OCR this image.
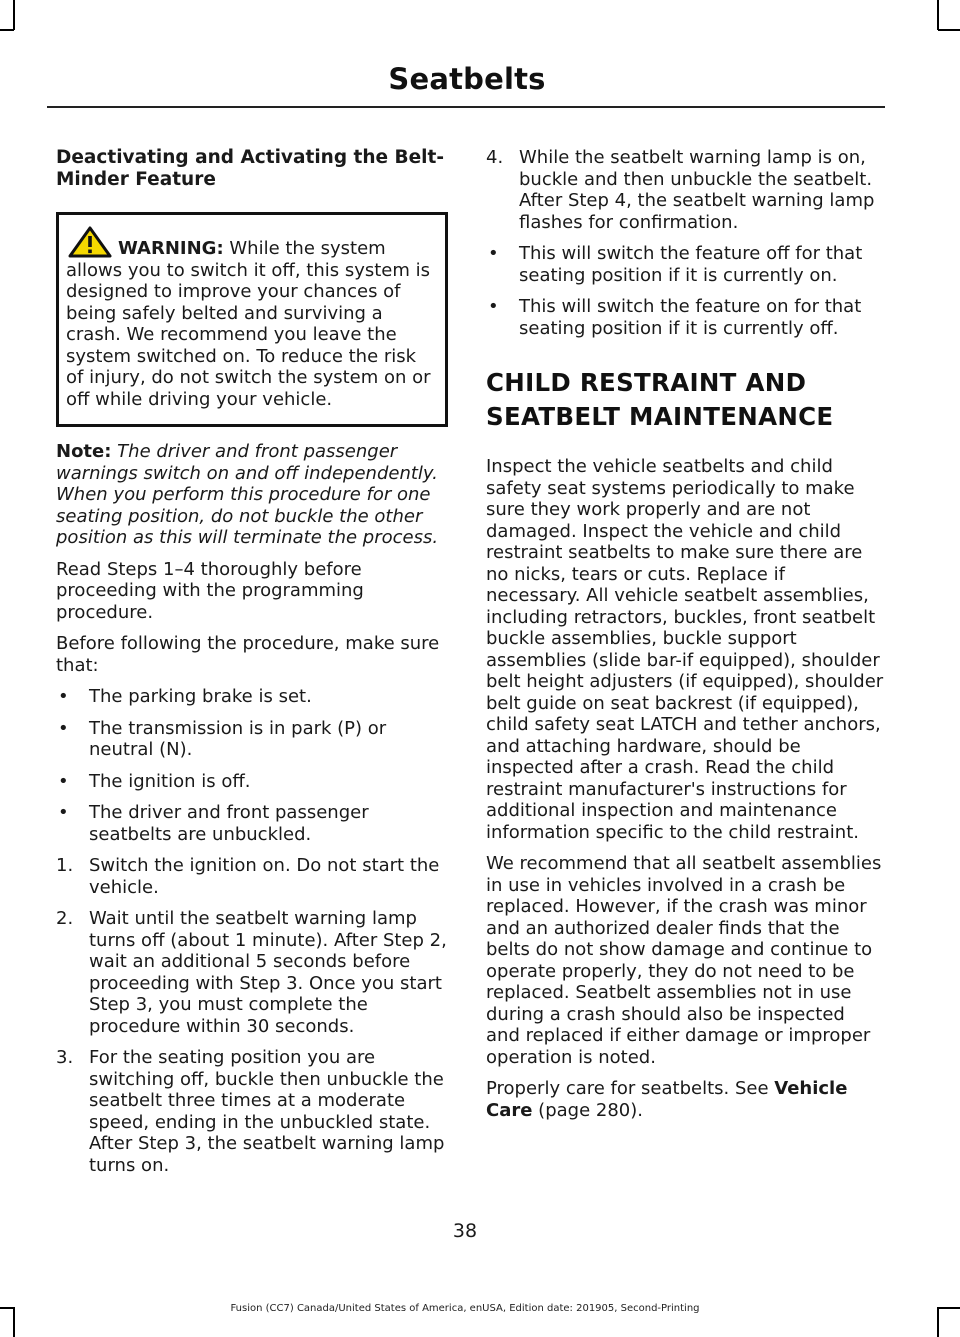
Seatbelts

Deactivating and Activating the Belt-Minder Feature

WARNING: While the system allows you to switch it off, this system is designed to improve your chances of being safely belted and surviving a crash. We recommend you leave the system switched on. To reduce the risk of injury, do not switch the system on or off while driving your vehicle.

Note: The driver and front passenger warnings switch on and off independently. When you perform this procedure for one seating position, do not buckle the other position as this will terminate the process.

Read Steps 1–4 thoroughly before proceeding with the programming procedure.

Before following the procedure, make sure that:

• The parking brake is set.
• The transmission is in park (P) or neutral (N).
• The ignition is off.
• The driver and front passenger seatbelts are unbuckled.
1. Switch the ignition on. Do not start the vehicle.
2. Wait until the seatbelt warning lamp turns off (about 1 minute). After Step 2, wait an additional 5 seconds before proceeding with Step 3. Once you start Step 3, you must complete the procedure within 30 seconds.
3. For the seating position you are switching off, buckle then unbuckle the seatbelt three times at a moderate speed, ending in the unbuckled state. After Step 3, the seatbelt warning lamp turns on.
4. While the seatbelt warning lamp is on, buckle and then unbuckle the seatbelt. After Step 4, the seatbelt warning lamp flashes for confirmation.
• This will switch the feature off for that seating position if it is currently on.
• This will switch the feature on for that seating position if it is currently off.
CHILD RESTRAINT AND
SEATBELT MAINTENANCE

Inspect the vehicle seatbelts and child safety seat systems periodically to make sure they work properly and are not damaged. Inspect the vehicle and child restraint seatbelts to make sure there are no nicks, tears or cuts. Replace if necessary. All vehicle seatbelt assemblies, including retractors, buckles, front seatbelt buckle assemblies, buckle support assemblies (slide bar-if equipped), shoulder belt height adjusters (if equipped), shoulder belt guide on seat backrest (if equipped), child safety seat LATCH and tether anchors, and attaching hardware, should be inspected after a crash. Read the child restraint manufacturer's instructions for additional inspection and maintenance information specific to the child restraint.

We recommend that all seatbelt assemblies in use in vehicles involved in a crash be replaced. However, if the crash was minor and an authorized dealer finds that the belts do not show damage and continue to operate properly, they do not need to be replaced. Seatbelt assemblies not in use during a crash should also be inspected and replaced if either damage or improper operation is noted.

Properly care for seatbelts. See Vehicle Care (page 280).

38
Fusion (CC7) Canada/United States of America, enUSA, Edition date: 201905, Second-Printing
